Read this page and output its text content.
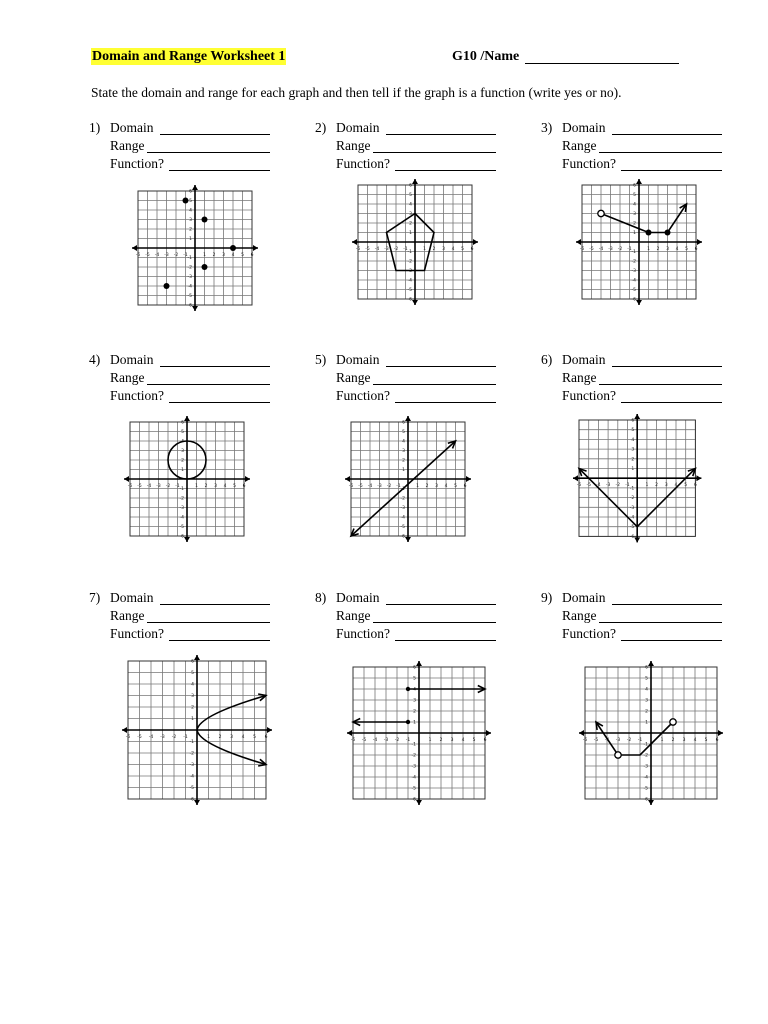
Domain and Range Worksheet 1	G10 /Name
State the domain and range for each graph and then tell if the graph is a function (write yes or no).
1) Domain
Range
Function?
2) Domain
Range
Function?
3) Domain
Range
Function?
4) Domain
Range
Function?
5) Domain
Range
Function?
6) Domain
Range
Function?
7) Domain
Range
Function?
8) Domain
Range
Function?
9) Domain
Range
Function?
-6 -5 -4 -3 -2 -1	1 2 3 4 5 6
-6
-5
-4
-3
-2
-1
1
2
3
4
5
6
-6 -5 -4 -3 -2 -1	1 2 3 4 5 6
-6
-5
-4
-3
-2
-1
1
2
3
4
5
6
-6 -5 -4 -3 -2 -1	1 2 3 4 5 6
-6
-5
-4
-3
-2
-1
1
2
3
4
5
6
-6 -5 -4 -3 -2 -1	1 2 3 4 5 6
-6
-5
-4
-3
-2
-1
1
2
3
4
5
6
-6 -5 -4 -3 -2 -1	1 2 3 4 5 6
-6
-5
-4
-3
-2
-1
1
2
3
4
5
6
-6 -5 -4 -3 -2 -1	1 2 3 4 5 6
-6
-5
-4
-3
-2
-1
1
2
3
4
5
6
-6 -5 -4 -3 -2 -1	1 2 3 4 5 6
-6
-5
-4
-3
-2
-1
1
2
3
4
5
6
-6 -5 -4 -3 -2 -1	1 2 3 4 5 6
-6
-5
-4
-3
-2
-1
1
2
3
4
5
6
-6 -5 -4 -3 -2 -1	1 2 3 4 5 6
-6
-5
-4
-3
-2
-1
1
2
3
4
5
6
